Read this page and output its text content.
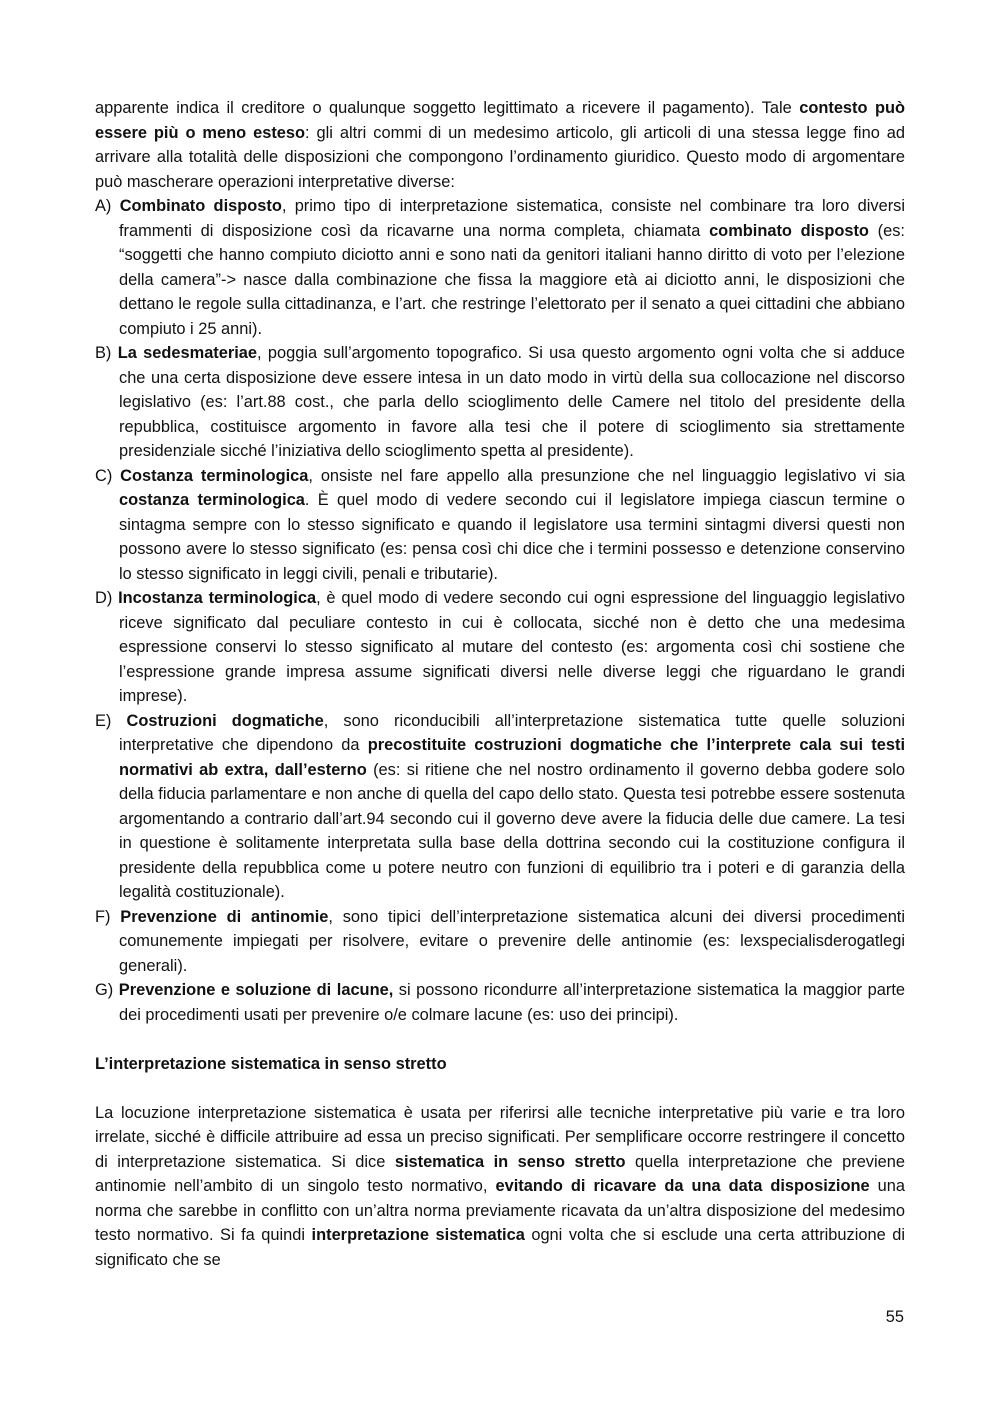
apparente indica il creditore o qualunque soggetto legittimato a ricevere il pagamento). Tale contesto può essere più o meno esteso: gli altri commi di un medesimo articolo, gli articoli di una stessa legge fino ad arrivare alla totalità delle disposizioni che compongono l’ordinamento giuridico. Questo modo di argomentare può mascherare operazioni interpretative diverse:

A) Combinato disposto, primo tipo di interpretazione sistematica, consiste nel combinare tra loro diversi frammenti di disposizione così da ricavarne una norma completa, chiamata combinato disposto (es: “soggetti che hanno compiuto diciotto anni e sono nati da genitori italiani hanno diritto di voto per l’elezione della camera”-> nasce dalla combinazione che fissa la maggiore età ai diciotto anni, le disposizioni che dettano le regole sulla cittadinanza, e l’art. che restringe l’elettorato per il senato a quei cittadini che abbiano compiuto i 25 anni).
B) La sedesmateriae, poggia sull’argomento topografico. Si usa questo argomento ogni volta che si adduce che una certa disposizione deve essere intesa in un dato modo in virtù della sua collocazione nel discorso legislativo (es: l’art.88 cost., che parla dello scioglimento delle Camere nel titolo del presidente della repubblica, costituisce argomento in favore alla tesi che il potere di scioglimento sia strettamente presidenziale sicché l’iniziativa dello scioglimento spetta al presidente).
C) Costanza terminologica, onsiste nel fare appello alla presunzione che nel linguaggio legislativo vi sia costanza terminologica. È quel modo di vedere secondo cui il legislatore impiega ciascun termine o sintagma sempre con lo stesso significato e quando il legislatore usa termini sintagmi diversi questi non possono avere lo stesso significato (es: pensa così chi dice che i termini possesso e detenzione conservino lo stesso significato in leggi civili, penali e tributarie).
D) Incostanza terminologica, è quel modo di vedere secondo cui ogni espressione del linguaggio legislativo riceve significato dal peculiare contesto in cui è collocata, sicché non è detto che una medesima espressione conservi lo stesso significato al mutare del contesto (es: argomenta così chi sostiene che l’espressione grande impresa assume significati diversi nelle diverse leggi che riguardano le grandi imprese).
E) Costruzioni dogmatiche, sono riconducibili all’interpretazione sistematica tutte quelle soluzioni interpretative che dipendono da precostituite costruzioni dogmatiche che l’interprete cala sui testi normativi ab extra, dall’esterno (es: si ritiene che nel nostro ordinamento il governo debba godere solo della fiducia parlamentare e non anche di quella del capo dello stato. Questa tesi potrebbe essere sostenuta argomentando a contrario dall’art.94 secondo cui il governo deve avere la fiducia delle due camere. La tesi in questione è solitamente interpretata sulla base della dottrina secondo cui la costituzione configura il presidente della repubblica come u potere neutro con funzioni di equilibrio tra i poteri e di garanzia della legalità costituzionale).
F) Prevenzione di antinomie, sono tipici dell’interpretazione sistematica alcuni dei diversi procedimenti comunemente impiegati per risolvere, evitare o prevenire delle antinomie (es: lexspecialisderogatlegi generali).
G) Prevenzione e soluzione di lacune, si possono ricondurre all’interpretazione sistematica la maggior parte dei procedimenti usati per prevenire o/e colmare lacune (es: uso dei principi).

L’interpretazione sistematica in senso stretto

La locuzione interpretazione sistematica è usata per riferirsi alle tecniche interpretative più varie e tra loro irrelate, sicché è difficile attribuire ad essa un preciso significati. Per semplificare occorre restringere il concetto di interpretazione sistematica. Si dice sistematica in senso stretto quella interpretazione che previene antinomie nell’ambito di un singolo testo normativo, evitando di ricavare da una data disposizione una norma che sarebbe in conflitto con un’altra norma previamente ricavata da un’altra disposizione del medesimo testo normativo. Si fa quindi interpretazione sistematica ogni volta che si esclude una certa attribuzione di significato che se

55
